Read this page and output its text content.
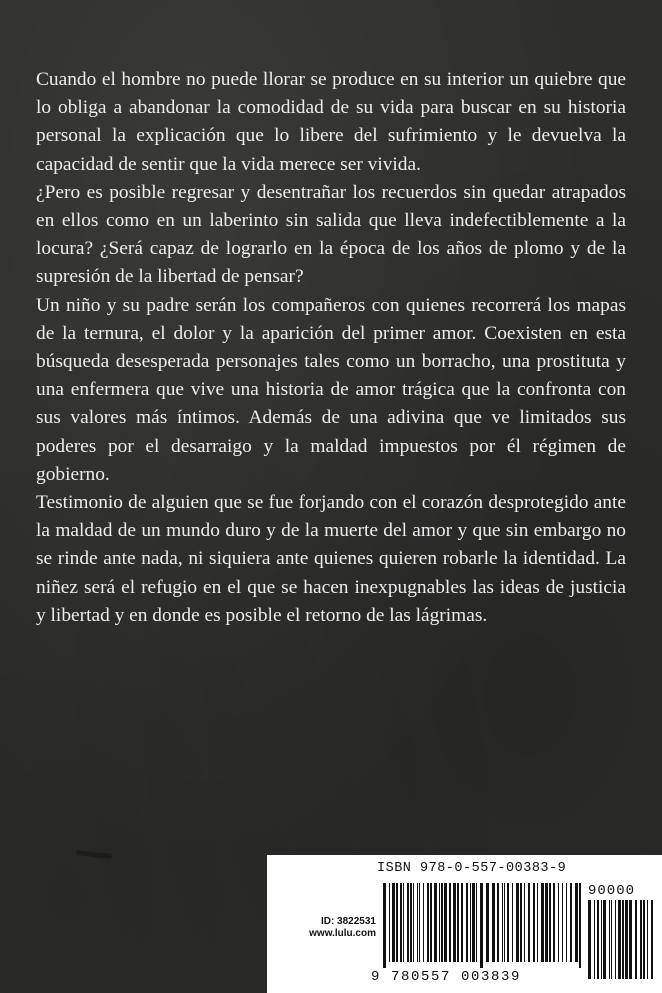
Cuando el hombre no puede llorar se produce en su interior un quiebre que lo obliga a abandonar la comodidad de su vida para buscar en su historia personal la explicación que lo libere del sufrimiento y le devuelva la capacidad de sentir que la vida merece ser vivida.

¿Pero es posible regresar y desentrañar los recuerdos sin quedar atrapados en ellos como en un laberinto sin salida que lleva indefectiblemente a la locura? ¿Será capaz de lograrlo en la época de los años de plomo y de la supresión de la libertad de pensar?

Un niño y su padre serán los compañeros con quienes recorrerá los mapas de la ternura, el dolor y la aparición del primer amor. Coexisten en esta búsqueda desesperada personajes tales como un borracho, una prostituta y una enfermera que vive una historia de amor trágica que la confronta con sus valores más íntimos. Además de una adivina que ve limitados sus poderes por el desarraigo y la maldad impuestos por él régimen de gobierno.

Testimonio de alguien que se fue forjando con el corazón desprotegido ante la maldad de un mundo duro y de la muerte del amor y que sin embargo no se rinde ante nada, ni siquiera ante quienes quieren robarle la identidad. La niñez será el refugio en el que se hacen inexpugnables las ideas de justicia y libertad y en donde es posible el retorno de las lágrimas.

ID: 3822531
www.lulu.com
ISBN 978-0-557-00383-9
90000
9 780557 003839
